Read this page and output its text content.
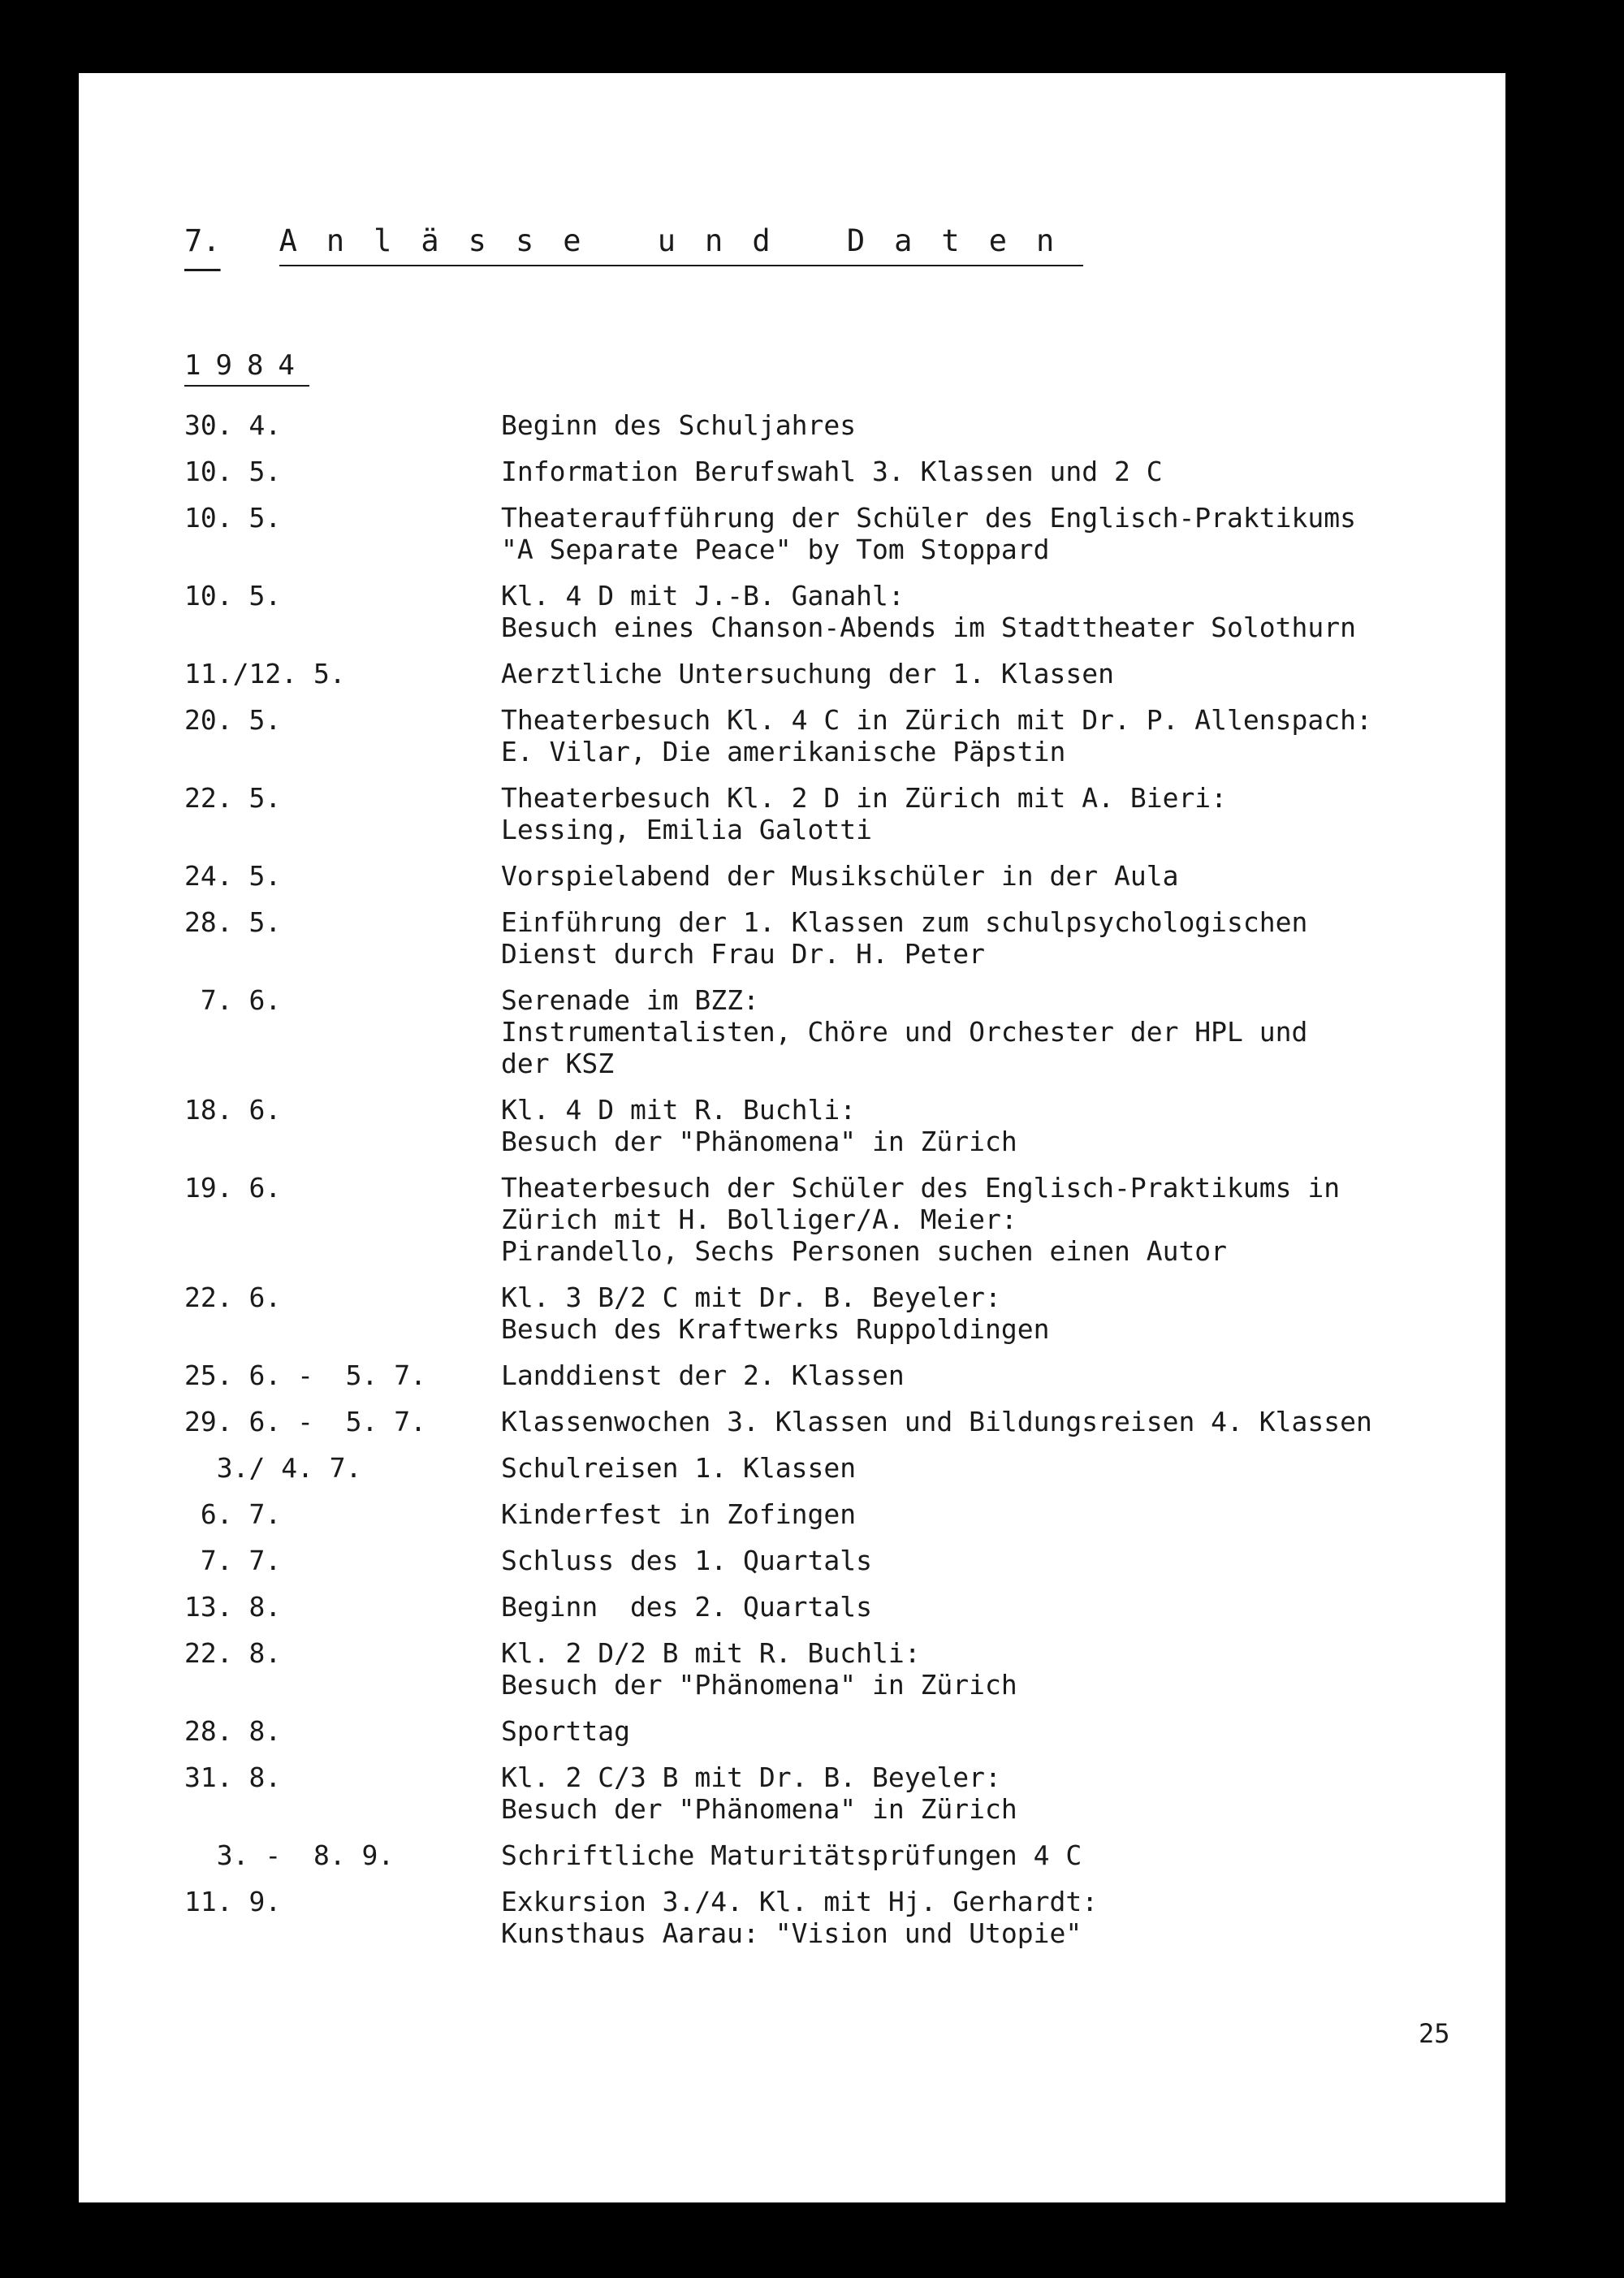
7. Anlässe und Daten
1984
30. 4.	Beginn des Schuljahres
10. 5.	Information Berufswahl 3. Klassen und 2 C
10. 5.	Theateraufführung der Schüler des Englisch-Praktikums
"A Separate Peace" by Tom Stoppard
10. 5.	Kl. 4 D mit J.-B. Ganahl:
Besuch eines Chanson-Abends im Stadttheater Solothurn
11./12. 5.	Aerztliche Untersuchung der 1. Klassen
20. 5.	Theaterbesuch Kl. 4 C in Zürich mit Dr. P. Allenspach:
E. Vilar, Die amerikanische Päpstin
22. 5.	Theaterbesuch Kl. 2 D in Zürich mit A. Bieri:
Lessing, Emilia Galotti
24. 5.	Vorspielabend der Musikschüler in der Aula
28. 5.	Einführung der 1. Klassen zum schulpsychologischen
Dienst durch Frau Dr. H. Peter
7. 6.	Serenade im BZZ:
Instrumentalisten, Chöre und Orchester der HPL und
der KSZ
18. 6.	Kl. 4 D mit R. Buchli:
Besuch der "Phänomena" in Zürich
19. 6.	Theaterbesuch der Schüler des Englisch-Praktikums in
Zürich mit H. Bolliger/A. Meier:
Pirandello, Sechs Personen suchen einen Autor
22. 6.	Kl. 3 B/2 C mit Dr. B. Beyeler:
Besuch des Kraftwerks Ruppoldingen
25. 6. -  5. 7.	Landdienst der 2. Klassen
29. 6. -  5. 7.	Klassenwochen 3. Klassen und Bildungsreisen 4. Klassen
3./ 4. 7.	Schulreisen 1. Klassen
6. 7.	Kinderfest in Zofingen
7. 7.	Schluss des 1. Quartals
13. 8.	Beginn  des 2. Quartals
22. 8.	Kl. 2 D/2 B mit R. Buchli:
Besuch der "Phänomena" in Zürich
28. 8.	Sporttag
31. 8.	Kl. 2 C/3 B mit Dr. B. Beyeler:
Besuch der "Phänomena" in Zürich
3. -  8. 9.	Schriftliche Maturitätsprüfungen 4 C
11. 9.	Exkursion 3./4. Kl. mit Hj. Gerhardt:
Kunsthaus Aarau: "Vision und Utopie"
25
